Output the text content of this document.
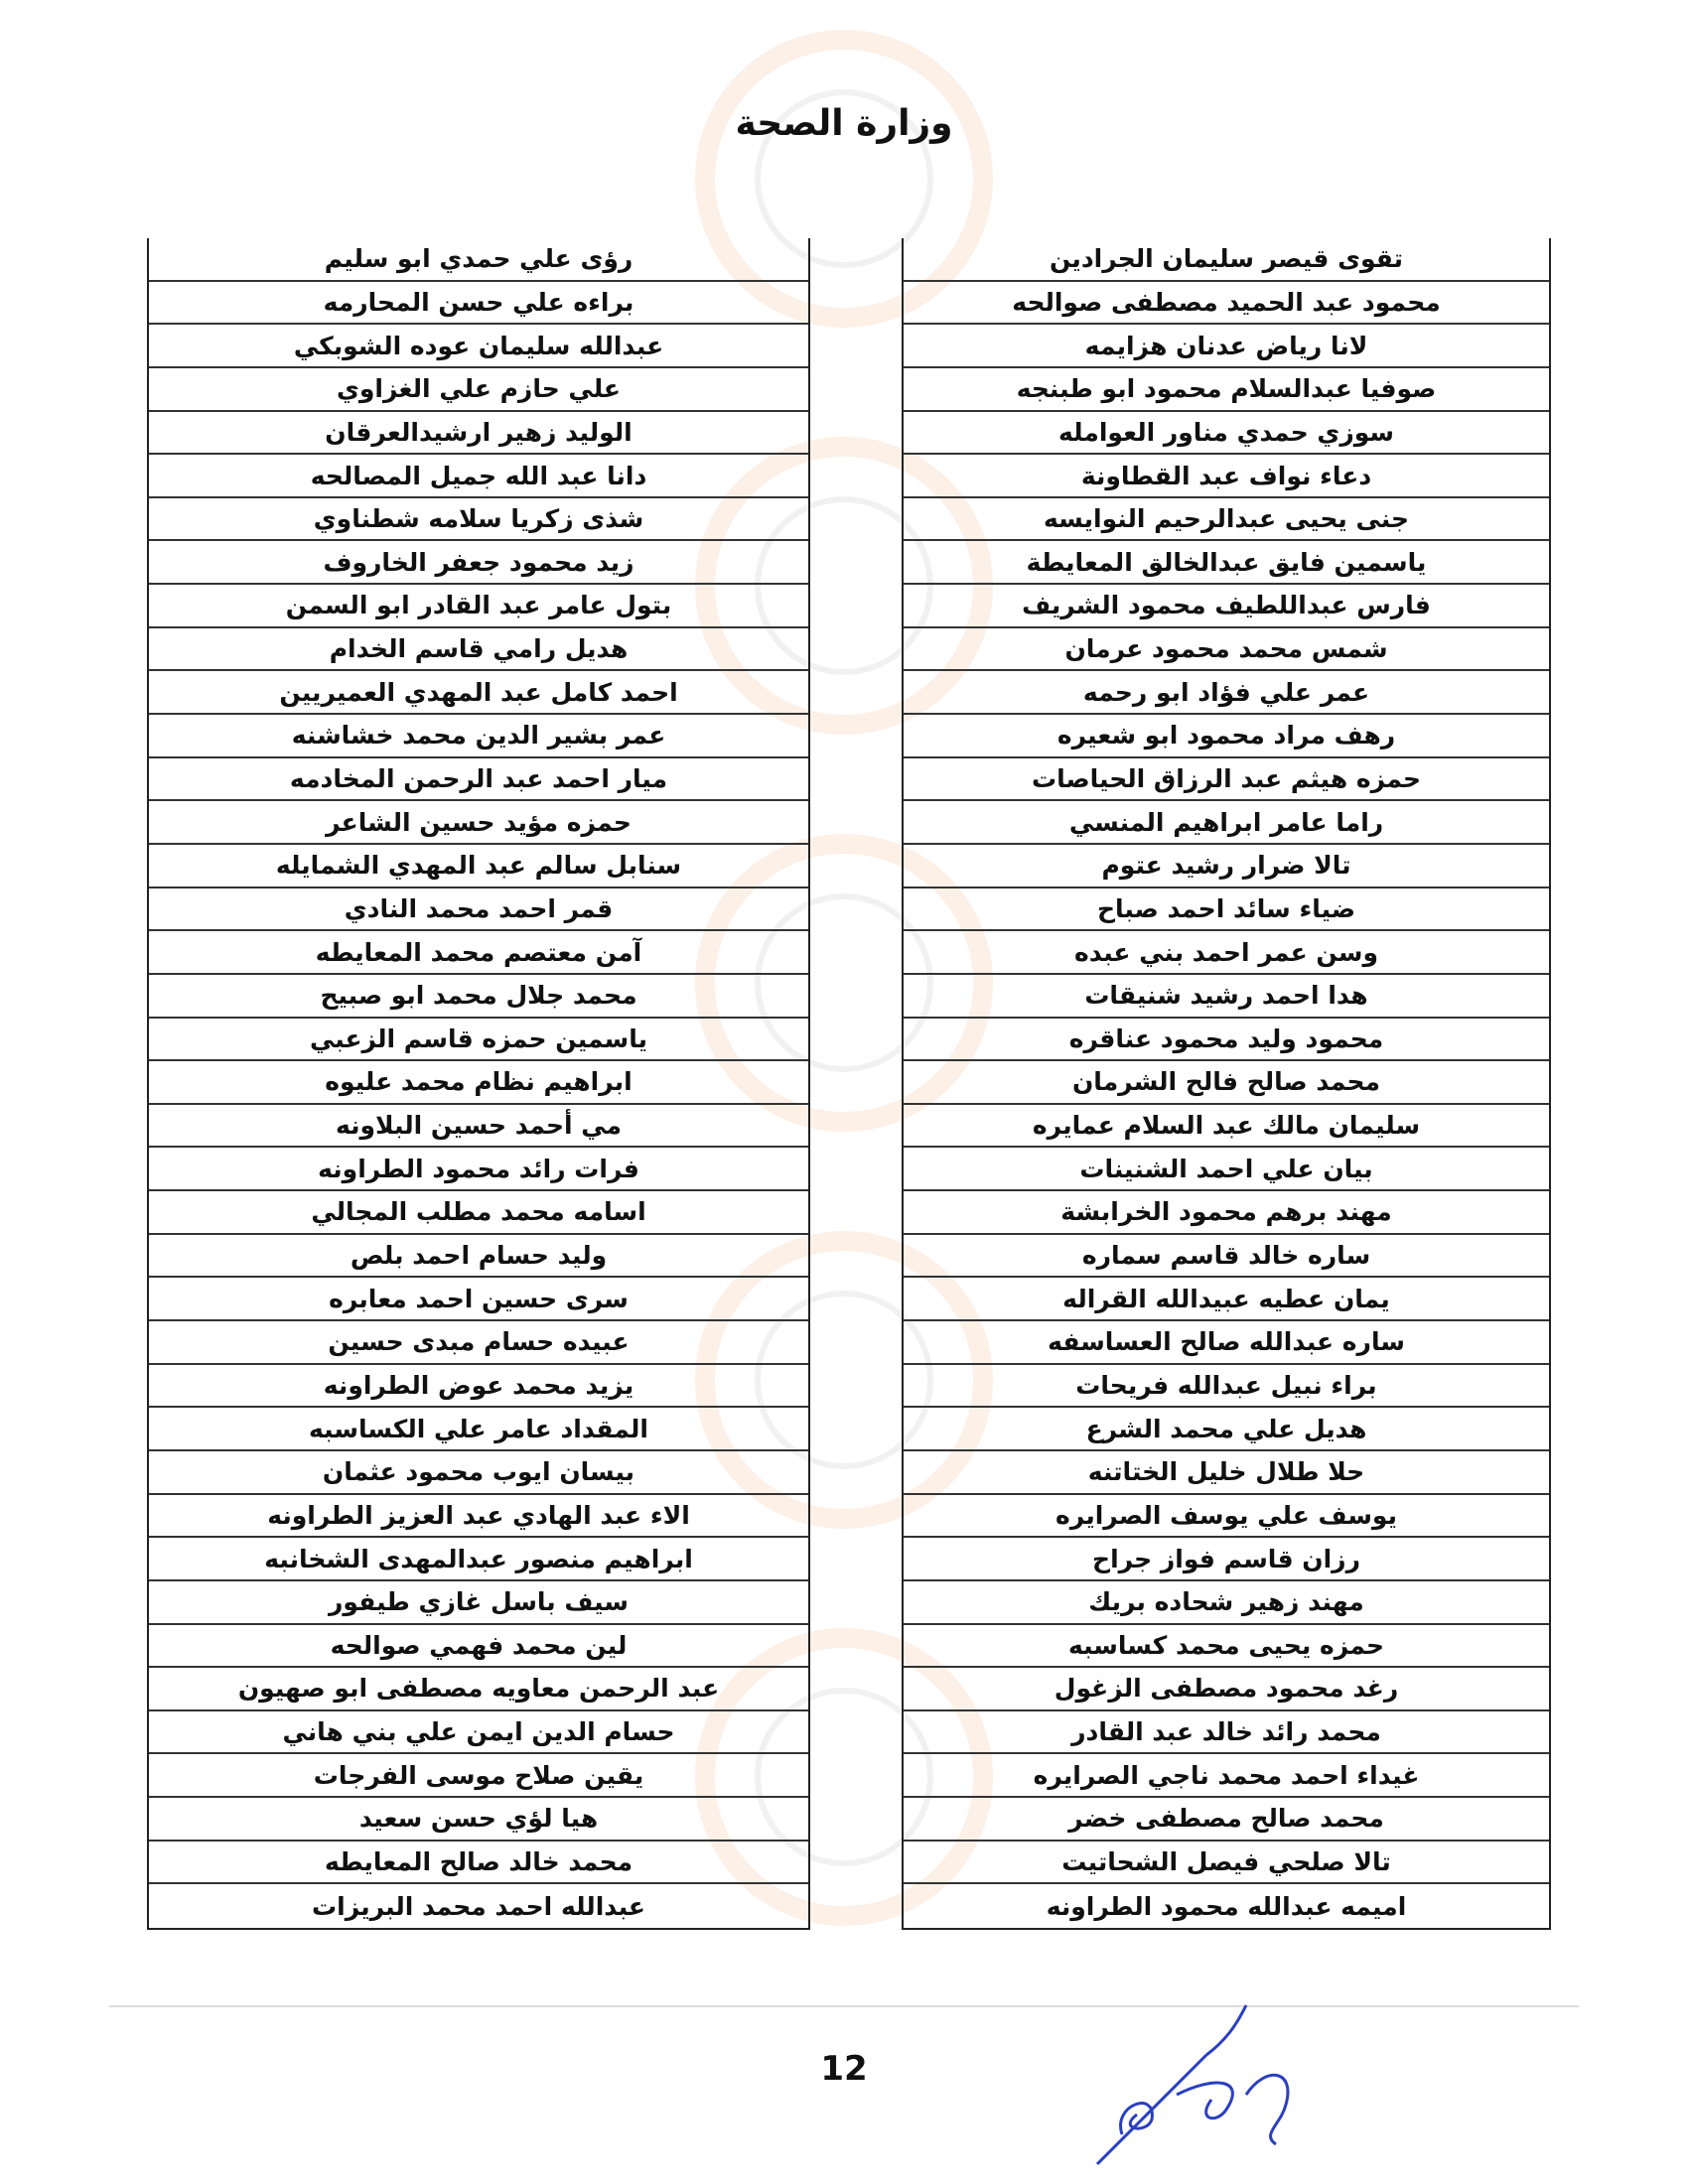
وزارة الصحة
تقوى قيصر سليمان الجرادين
محمود عبد الحميد مصطفى صوالحه
لانا رياض عدنان هزايمه
صوفيا عبدالسلام محمود ابو طبنجه
سوزي حمدي مناور العوامله
دعاء نواف عبد القطاونة
جنى يحيى عبدالرحيم النوايسه
ياسمين فايق عبدالخالق المعايطة
فارس عبداللطيف محمود الشريف
شمس محمد محمود عرمان
عمر علي فؤاد ابو رحمه
رهف مراد محمود ابو شعيره
حمزه هيثم عبد الرزاق الحياصات
راما عامر ابراهيم المنسي
تالا ضرار رشيد عتوم
ضياء سائد احمد صباح
وسن عمر احمد بني عبده
هدا احمد رشيد شنيقات
محمود وليد محمود عناقره
محمد صالح فالح الشرمان
سليمان مالك عبد السلام عمايره
بيان علي احمد الشنينات
مهند برهم محمود الخرابشة
ساره خالد قاسم سماره
يمان عطيه عبيدالله القراله
ساره عبدالله صالح العساسفه
براء نبيل عبدالله فريحات
هديل علي محمد الشرع
حلا طلال خليل الختاتنه
يوسف علي يوسف الصرايره
رزان قاسم فواز جراح
مهند زهير شحاده بريك
حمزه يحيى محمد كساسبه
رغد محمود مصطفى الزغول
محمد رائد خالد عبد القادر
غيداء احمد محمد ناجي الصرايره
محمد صالح مصطفى خضر
تالا صلحي فيصل الشحاتيت
اميمه عبدالله محمود الطراونه
رؤى علي حمدي ابو سليم
براءه علي حسن المحارمه
عبدالله سليمان عوده الشوبكي
علي حازم علي الغزاوي
الوليد زهير ارشيدالعرقان
دانا عبد الله جميل المصالحه
شذى زكريا سلامه شطناوي
زيد محمود جعفر الخاروف
بتول عامر عبد القادر ابو السمن
هديل رامي قاسم الخدام
احمد كامل عبد المهدي العميريين
عمر بشير الدين محمد خشاشنه
ميار احمد عبد الرحمن المخادمه
حمزه مؤيد حسين الشاعر
سنابل سالم عبد المهدي الشمايله
قمر احمد محمد النادي
آمن معتصم محمد المعايطه
محمد جلال محمد ابو صبيح
ياسمين حمزه قاسم الزعبي
ابراهيم نظام محمد عليوه
مي أحمد حسين البلاونه
فرات رائد محمود الطراونه
اسامه محمد مطلب المجالي
وليد حسام احمد بلص
سرى حسين احمد معابره
عبيده حسام مبدى حسين
يزيد محمد عوض الطراونه
المقداد عامر علي الكساسبه
بيسان ايوب محمود عثمان
الاء عبد الهادي عبد العزيز الطراونه
ابراهيم منصور عبدالمهدى الشخانبه
سيف باسل غازي طيفور
لين محمد فهمي صوالحه
عبد الرحمن معاويه مصطفى ابو صهيون
حسام الدين ايمن علي بني هاني
يقين صلاح موسى الفرجات
هيا لؤي حسن سعيد
محمد خالد صالح المعايطه
عبدالله احمد محمد البريزات
12
